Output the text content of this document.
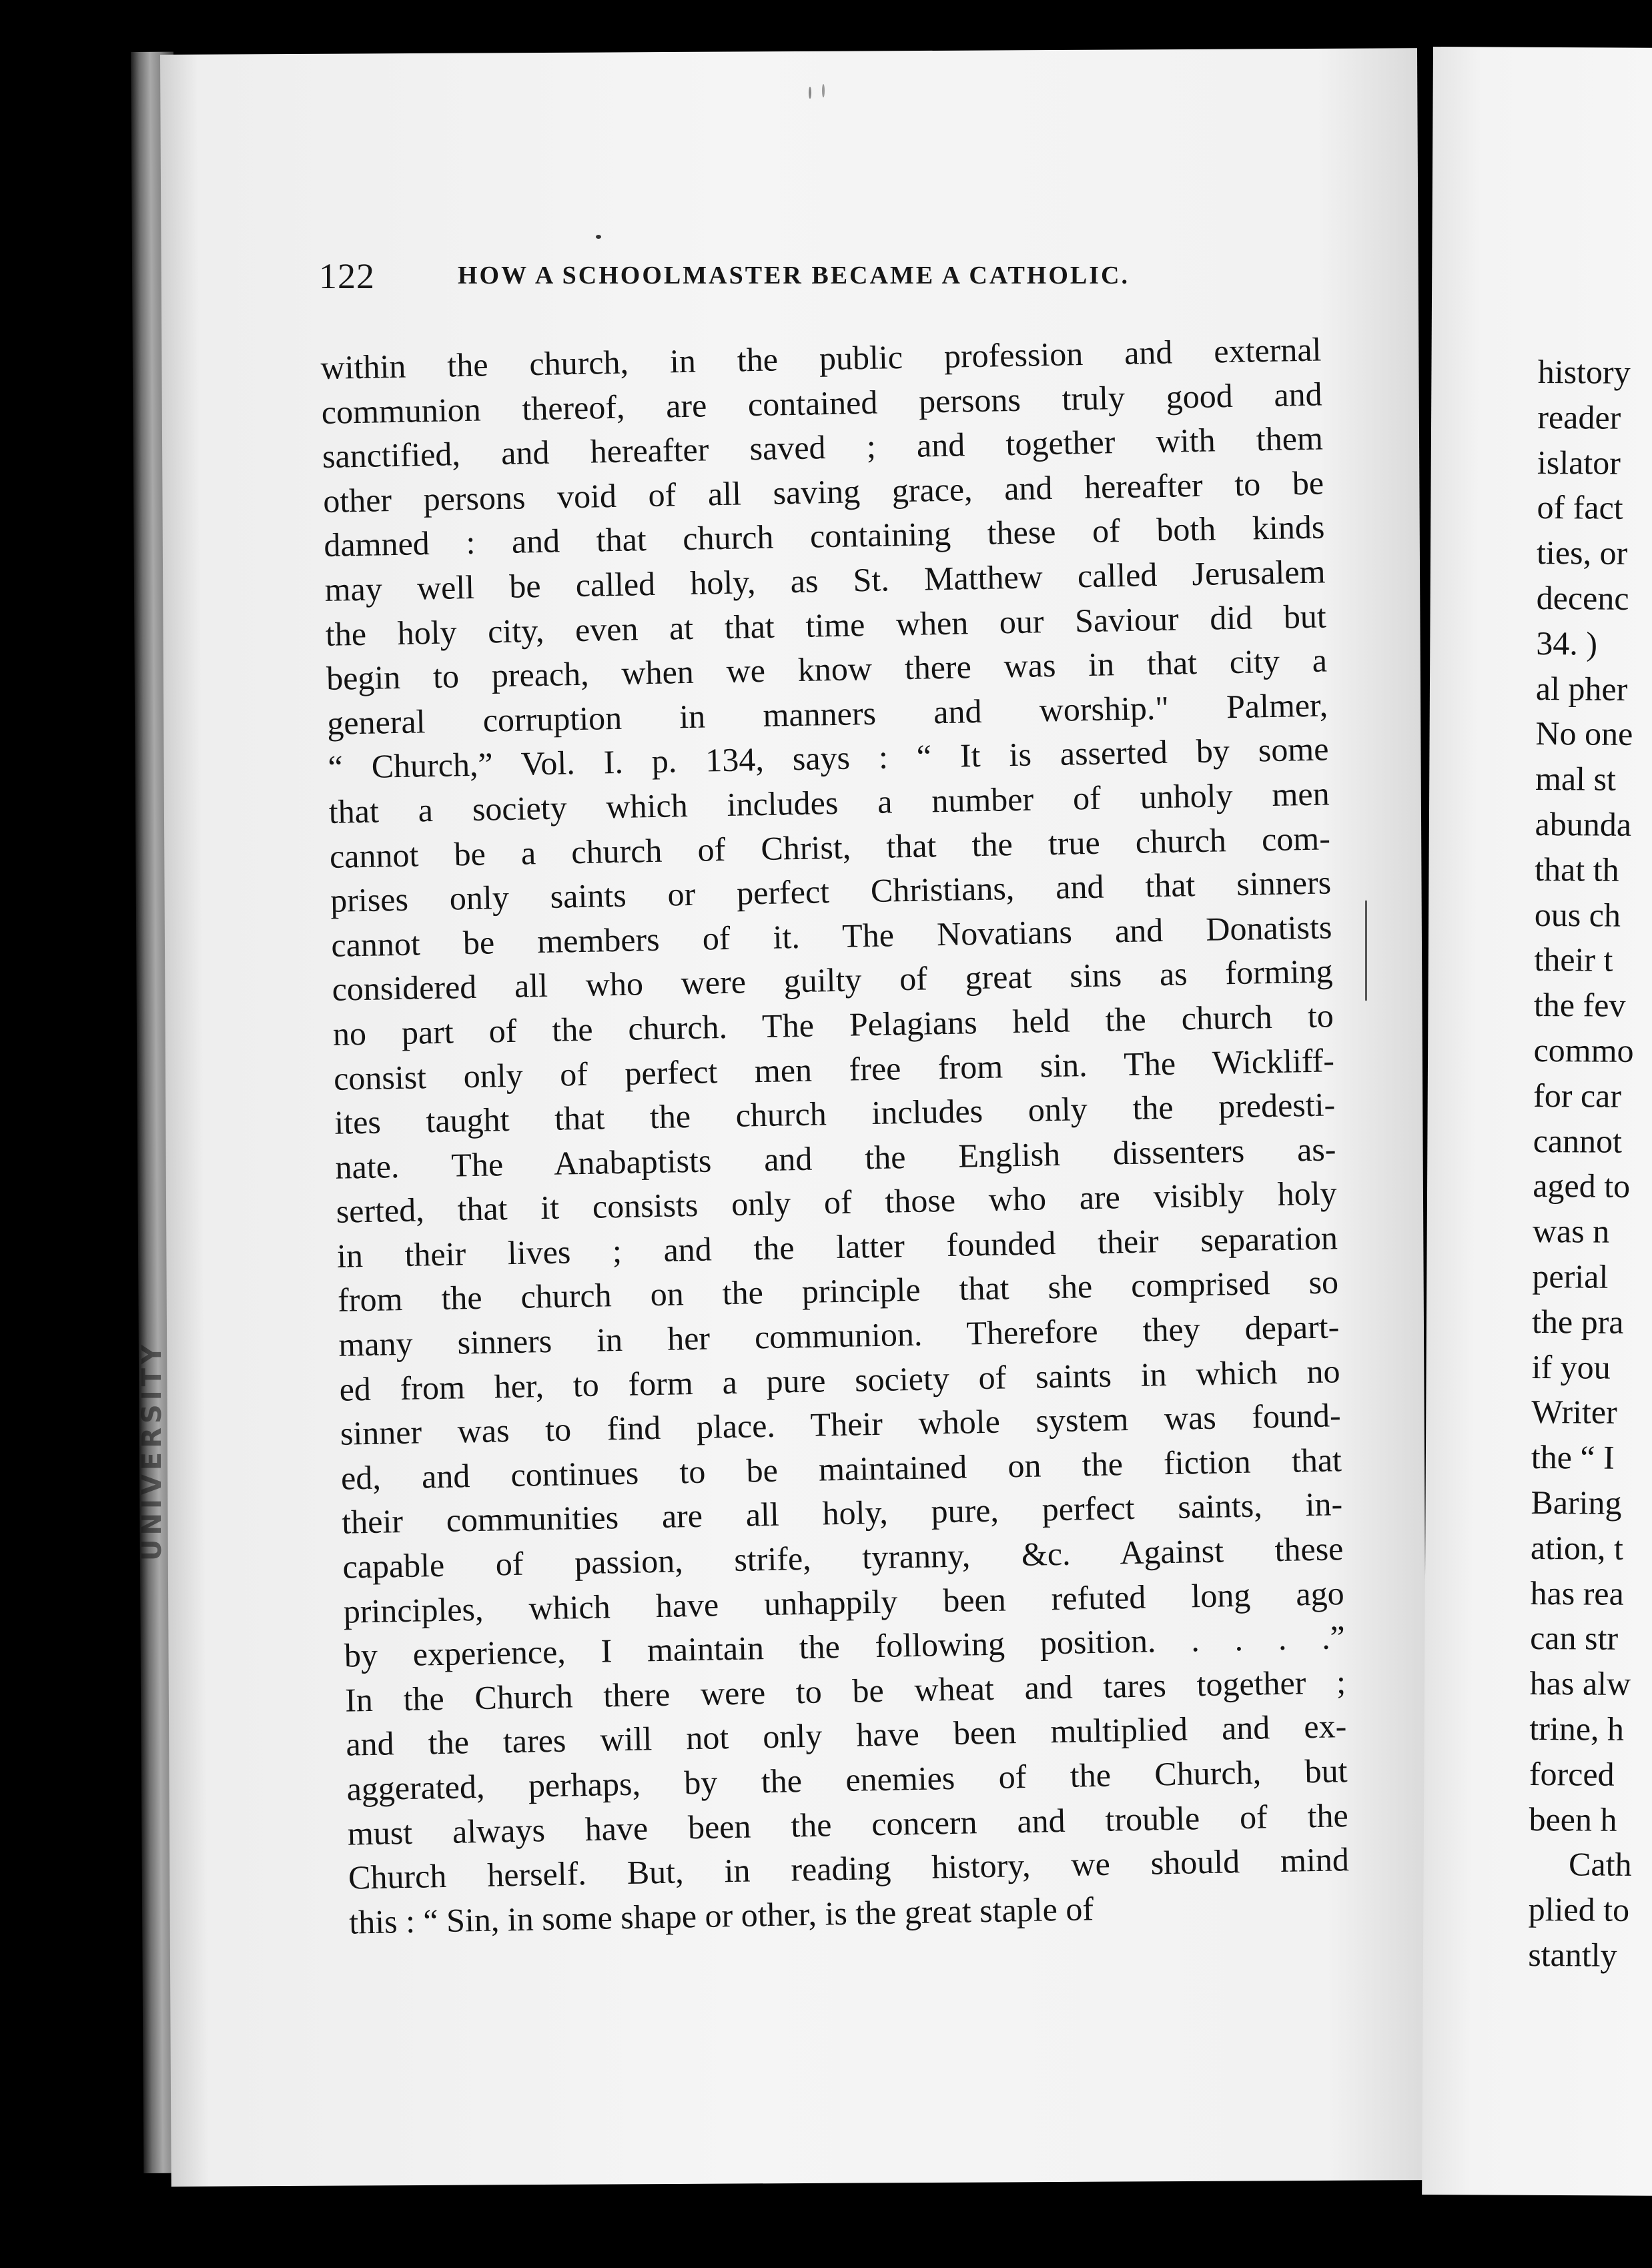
UNIVERSITY
122	HOW A SCHOOLMASTER BECAME A CATHOLIC.
within the church, in the public profession and external
communion thereof, are contained persons truly good and
sanctified, and hereafter saved ; and together with them
other persons void of all saving grace, and hereafter to be
damned : and that church containing these of both kinds
may well be called holy, as St. Matthew called Jerusalem
the holy city, even at that time when our Saviour did but
begin to preach, when we know there was in that city a
general corruption in manners and worship." Palmer,
“ Church,” Vol. I. p. 134, says : “ It is asserted by some
that a society which includes a number of unholy men
cannot be a church of Christ, that the true church com-
prises only saints or perfect Christians, and that sinners
cannot be members of it. The Novatians and Donatists
considered all who were guilty of great sins as forming
no part of the church. The Pelagians held the church to
consist only of perfect men free from sin. The Wickliff-
ites taught that the church includes only the predesti-
nate. The Anabaptists and the English dissenters as-
serted, that it consists only of those who are visibly holy
in their lives ; and the latter founded their separation
from the church on the principle that she comprised so
many sinners in her communion. Therefore they depart-
ed from her, to form a pure society of saints in which no
sinner was to find place. Their whole system was found-
ed, and continues to be maintained on the fiction that
their communities are all holy, pure, perfect saints, in-
capable of passion, strife, tyranny, &c. Against these
principles, which have unhappily been refuted long ago
by experience, I maintain the following position. . . . .”
In the Church there were to be wheat and tares together ;
and the tares will not only have been multiplied and ex-
aggerated, perhaps, by the enemies of the Church, but
must always have been the concern and trouble of the
Church herself. But, in reading history, we should mind
this : “ Sin, in some shape or other, is the great staple of
history
reader
islator
of fact
ties, or
decenc
34. )
al pher
No one
mal st
abunda
that th
ous ch
their t
the fev
commo
for car
cannot
aged to
was n
perial
the pra
if you
Writer
the “ I
Baring
ation, t
has rea
can str
has alw
trine, h
forced
been h
Cath
plied to
stantly
